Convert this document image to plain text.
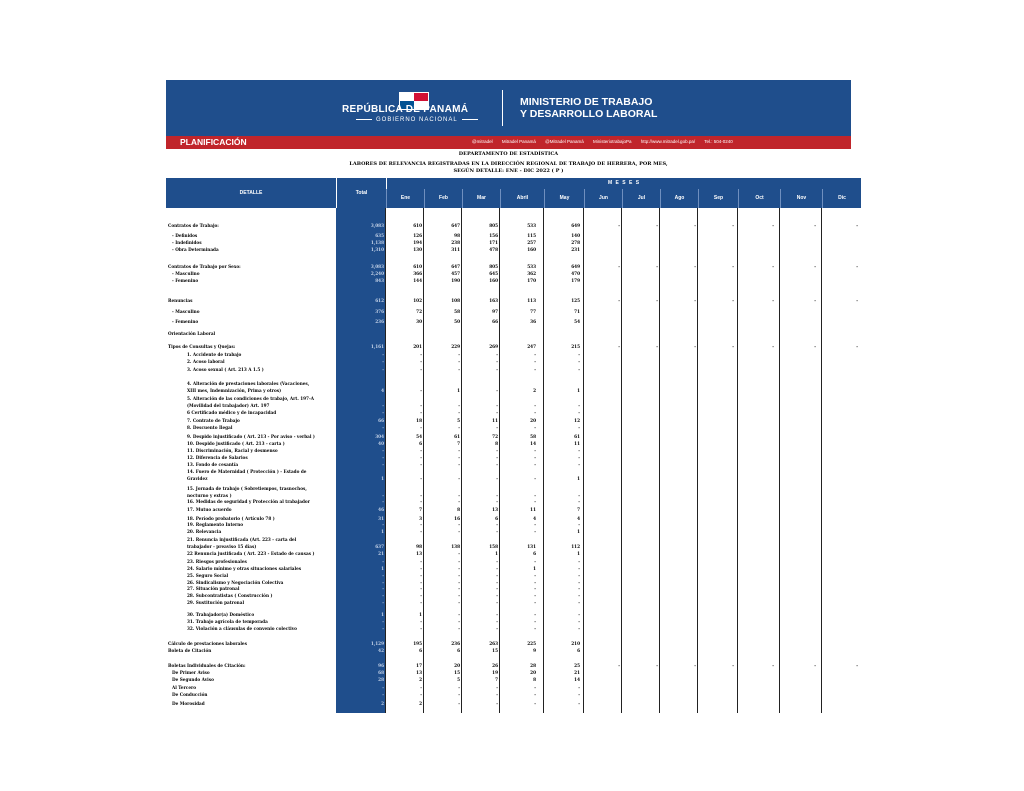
REPÚBLICA DE PANAMÁ
GOBIERNO NACIONAL
MINISTERIO DE TRABAJO
Y DESARROLLO LABORAL
PLANIFICACIÓN	@mitradel Mitradel Panamá @Mitradel Panamá MinisteriotrabajoPa http://www.mitradel.gob.pa/ Tel.: 504-0240
DEPARTAMENTO DE ESTADÍSTICA
LABORES DE RELEVANCIA REGISTRADAS EN LA DIRECCIÓN REGIONAL DE TRABAJO DE HERRERA, POR MES,
SEGÚN DETALLE: ENE - DIC 2022 ( P )
DETALLE	Total
M E S E S
Ene	Feb	Mar	Abril	May	Jun	Jul	Ago	Sep	Oct	Nov	Dic
Contratos de Trabajo:	3,083	610	647	805	533	649	-	-	-	-	-	-	-
- Definidos	635	126	98	156	115	140
- Indefinidos	1,138	194	238	171	257	278
- Obra Determinada	1,310	130	311	478	160	231
Contratos de Trabajo por Sexo:	3,083	610	647	805	533	649	-	-	-	-	-	-	-
- Masculino	2,240	366	457	645	362	470
- Femenino	843	144	190	160	170	179
Renuncias	612	102	108	163	113	125	-	-	-	-	-	-	-
- Masculino	376	72	58	97	77	71
- Femenino	236	30	50	66	36	54
Orientación Laboral
Tipos de Consultas y Quejas:	1,161	201	229	269	247	215	-	-	-	-	-	-	-
1. Accidente de trabajo	-	-	-	-	-	-
2. Acoso laboral	-	-	-	-	-	-
3. Acoso sexual ( Art. 213 A 1.5 )	-	-	-	-	-	-
4. Alteración de prestaciones laborales (Vacaciones,
XIII mes, Indemnización, Prima y otros)	4	-	1	-	2	1
5. Alteración de las condiciones de trabajo, Art. 197-A
(Movilidad del trabajador) Art. 197	-	-	-	-	-	-
6 Certificado médico y de incapacidad	-	-	-	-	-	-
7. Contrato de Trabajo	66	18	5	11	20	12
8. Descuento Ilegal	-	-	-	-	-	-
9. Despido injustificado ( Art. 213 - Por aviso - verbal )	304	54	61	72	58	61
10. Despido justificado ( Art. 213 - carta )	40	6	7	8	14	11
11. Discriminación, Racial y desmenso	-	-	-	-	-	-
12. Diferencia de Salarios	-	-	-	-	-	-
13. Fondo de cesantía	-	-	-	-	-	-
14. Fuero de Maternidad ( Protección ) - Estado de
Gravidez	1	-	-	-	-	1
15. Jornada de trabajo ( Sobretiempos, trasnochos,
nocturno y extras )	-	-	-	-	-	-
16. Medidas de seguridad y Protección al trabajador	-	-	-	-	-	-
17. Mutuo acuerdo	46	7	8	13	11	7
18. Período probatorio ( Artículo 78 )	31	3	16	6	4	4
19. Reglamento Interno	-	-	-	-	-	-
20. Relevancia	1	-	-	-	-	1
21. Renuncia injustificada (Art. 223 - carta del
trabajador - preaviso 15 días)	637	98	138	158	131	112
22 Renuncia justificada ( Art. 223 - Estado de causas )	21	13	-	1	6	1
23. Riesgos profesionales	-	-	-	-	-	-
24. Salario mínimo y otras situaciones salariales	1	-	-	-	1	-
25. Seguro Social	-	-	-	-	-	-
26. Sindicalismo y Negociación Colectiva	-	-	-	-	-	-
27. Situación patronal	-	-	-	-	-	-
28. Subcontratistas ( Construcción )	-	-	-	-	-	-
29. Sustitución patronal	-	-	-	-	-	-
30. Trabajador(a) Doméstico	1	1	-	-	-	-
31. Trabajo agrícola de temporada	-	-	-	-	-	-
32. Violación a cláusulas de convenio colectivo	-	-	-	-	-	-
Cálculo de prestaciones laborales	1,129	195	236	263	225	210
Boleta de Citación	42	6	6	15	9	6
Boletas Individuales de Citación:	96	17	20	26	28	25	-	-	-	-	-	-	-
De Primer Aviso	68	13	15	19	20	21
De Segundo Aviso	28	2	5	7	8	14
Al Tercero	-	-	-	-	-	-
De Conducción	-	-	-	-	-	-
De Morosidad	2	2	-	-	-	-
